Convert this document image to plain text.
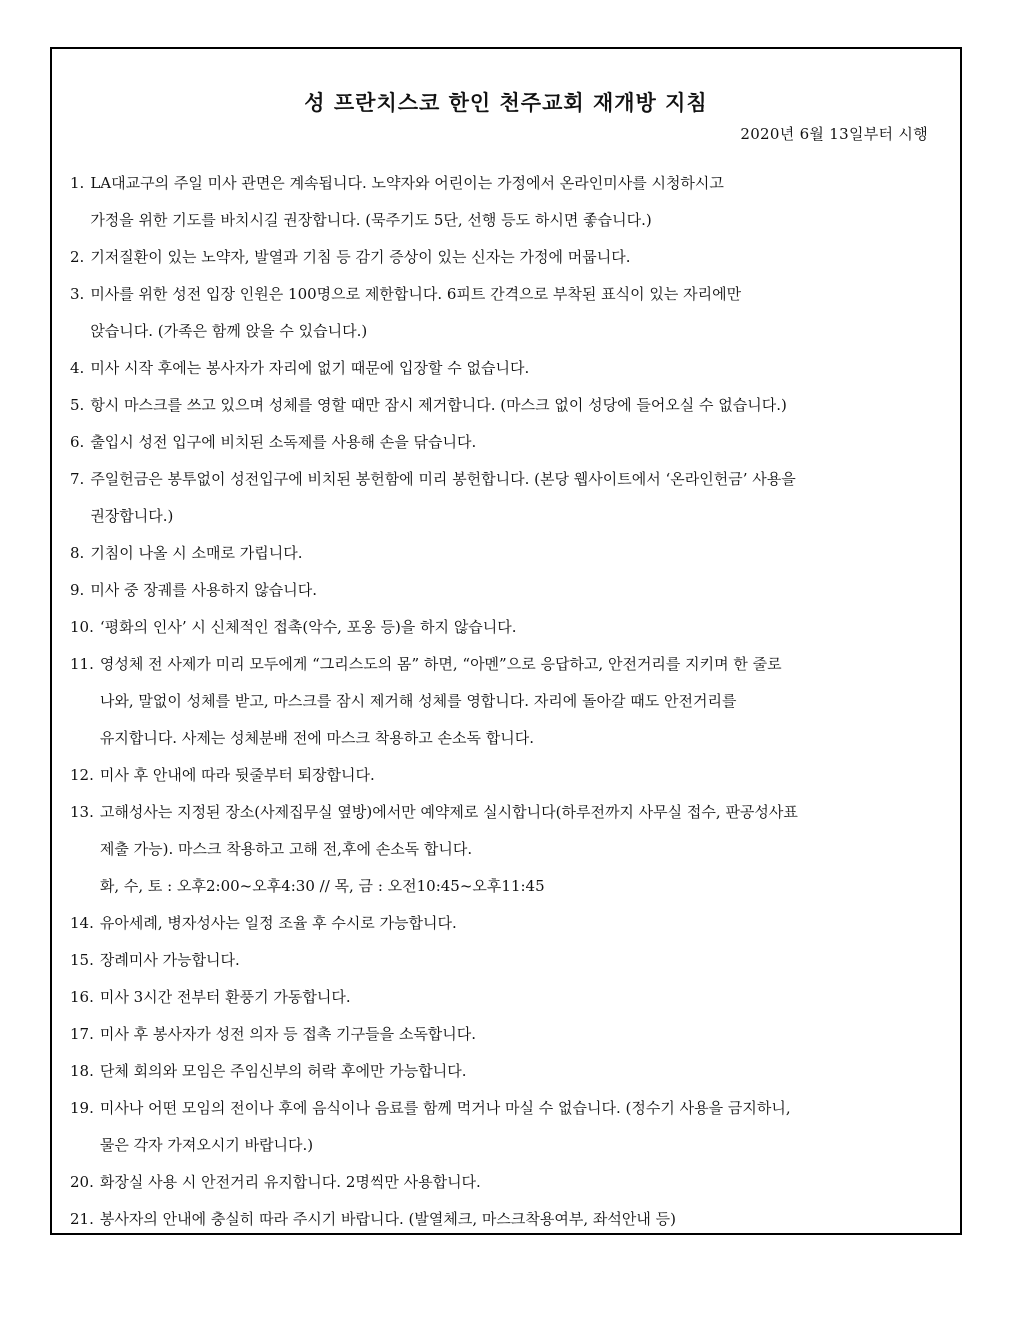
성 프란치스코 한인 천주교회 재개방 지침
2020년 6월 13일부터 시행
1. LA대교구의 주일 미사 관면은 계속됩니다. 노약자와 어린이는 가정에서 온라인미사를 시청하시고
가정을 위한 기도를 바치시길 권장합니다. (묵주기도 5단, 선행 등도 하시면 좋습니다.)
2. 기저질환이 있는 노약자, 발열과 기침 등 감기 증상이 있는 신자는 가정에 머뭅니다.
3. 미사를 위한 성전 입장 인원은 100명으로 제한합니다. 6피트 간격으로 부착된 표식이 있는 자리에만
앉습니다. (가족은 함께 앉을 수 있습니다.)
4. 미사 시작 후에는 봉사자가 자리에 없기 때문에 입장할 수 없습니다.
5. 항시 마스크를 쓰고 있으며 성체를 영할 때만 잠시 제거합니다. (마스크 없이 성당에 들어오실 수 없습니다.)
6. 출입시 성전 입구에 비치된 소독제를 사용해 손을 닦습니다.
7. 주일헌금은 봉투없이 성전입구에 비치된 봉헌함에 미리 봉헌합니다. (본당 웹사이트에서 ‘온라인헌금’ 사용을
권장합니다.)
8. 기침이 나올 시 소매로 가립니다.
9. 미사 중 장궤를 사용하지 않습니다.
10. ‘평화의 인사’ 시 신체적인 접촉(악수, 포옹 등)을 하지 않습니다.
11. 영성체 전 사제가 미리 모두에게 “그리스도의 몸” 하면, “아멘”으로 응답하고, 안전거리를 지키며 한 줄로
나와, 말없이 성체를 받고, 마스크를 잠시 제거해 성체를 영합니다. 자리에 돌아갈 때도 안전거리를
유지합니다. 사제는 성체분배 전에 마스크 착용하고 손소독 합니다.
12. 미사 후 안내에 따라 뒷줄부터 퇴장합니다.
13. 고해성사는 지정된 장소(사제집무실 옆방)에서만 예약제로 실시합니다(하루전까지 사무실 접수, 판공성사표
제출 가능). 마스크 착용하고 고해 전,후에 손소독 합니다.
화, 수, 토 : 오후2:00~오후4:30 // 목, 금 : 오전10:45~오후11:45
14. 유아세례, 병자성사는 일정 조율 후 수시로 가능합니다.
15. 장례미사 가능합니다.
16. 미사 3시간 전부터 환풍기 가동합니다.
17. 미사 후 봉사자가 성전 의자 등 접촉 기구들을 소독합니다.
18. 단체 회의와 모임은 주임신부의 허락 후에만 가능합니다.
19. 미사나 어떤 모임의 전이나 후에 음식이나 음료를 함께 먹거나 마실 수 없습니다. (정수기 사용을 금지하니,
물은 각자 가져오시기 바랍니다.)
20. 화장실 사용 시 안전거리 유지합니다. 2명씩만 사용합니다.
21. 봉사자의 안내에 충실히 따라 주시기 바랍니다. (발열체크, 마스크착용여부, 좌석안내 등)
